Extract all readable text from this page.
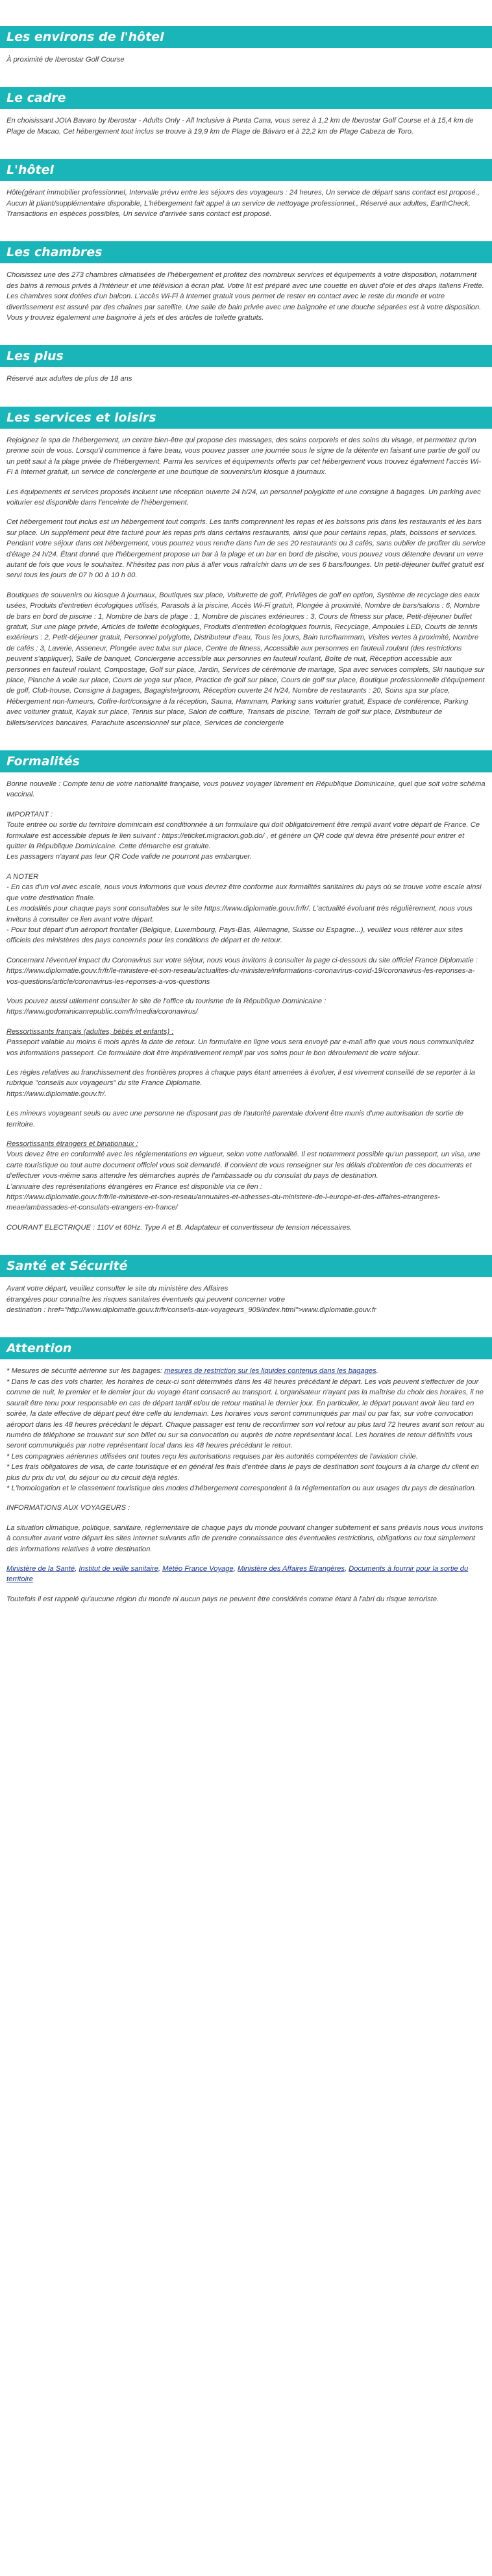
Les environs de l'hôtel

À proximité de Iberostar Golf Course

Le cadre

En choisissant JOIA Bavaro by Iberostar - Adults Only - All Inclusive à Punta Cana, vous serez à 1,2 km de Iberostar Golf Course et à 15,4 km de Plage de Macao. Cet hébergement tout inclus se trouve à 19,9 km de Plage de Bávaro et à 22,2 km de Plage Cabeza de Toro.

L'hôtel

Hôte(gérant immobilier professionnel, Intervalle prévu entre les séjours des voyageurs : 24 heures, Un service de départ sans contact est proposé., Aucun lit pliant/supplémentaire disponible, L'hébergement fait appel à un service de nettoyage professionnel., Réservé aux adultes, EarthCheck, Transactions en espèces possibles, Un service d'arrivée sans contact est proposé.

Les chambres

Choisissez une des 273 chambres climatisées de l'hébergement et profitez des nombreux services et équipements à votre disposition, notamment des bains à remous privés à l'intérieur et une télévision à écran plat. Votre lit est préparé avec une couette en duvet d'oie et des draps italiens Frette. Les chambres sont dotées d'un balcon. L'accès Wi-Fi à Internet gratuit vous permet de rester en contact avec le reste du monde et votre divertissement est assuré par des chaînes par satellite. Une salle de bain privée avec une baignoire et une douche séparées est à votre disposition. Vous y trouvez également une baignoire à jets et des articles de toilette gratuits.

Les plus

Réservé aux adultes de plus de 18 ans

Les services et loisirs

Rejoignez le spa de l'hébergement, un centre bien-être qui propose des massages, des soins corporels et des soins du visage, et permettez qu'on prenne soin de vous. Lorsqu'il commence à faire beau, vous pouvez passer une journée sous le signe de la détente en faisant une partie de golf ou un petit saut à la plage privée de l'hébergement. Parmi les services et équipements offerts par cet hébergement vous trouvez également l'accès Wi-Fi à Internet gratuit, un service de conciergerie et une boutique de souvenirs/un kiosque à journaux.

Les équipements et services proposés incluent une réception ouverte 24 h/24, un personnel polyglotte et une consigne à bagages. Un parking avec voiturier est disponible dans l'enceinte de l'hébergement.

Cet hébergement tout inclus est un hébergement tout compris. Les tarifs comprennent les repas et les boissons pris dans les restaurants et les bars sur place. Un supplément peut être facturé pour les repas pris dans certains restaurants, ainsi que pour certains repas, plats, boissons et services. Pendant votre séjour dans cet hébergement, vous pourrez vous rendre dans l'un de ses 20 restaurants ou 3 cafés, sans oublier de profiter du service d'étage 24 h/24. Étant donné que l'hébergement propose un bar à la plage et un bar en bord de piscine, vous pouvez vous détendre devant un verre autant de fois que vous le souhaitez. N'hésitez pas non plus à aller vous rafraîchir dans un de ses 6 bars/lounges. Un petit-déjeuner buffet gratuit est servi tous les jours de 07 h 00 à 10 h 00.

Boutiques de souvenirs ou kiosque à journaux, Boutiques sur place, Voiturette de golf, Privilèges de golf en option, Système de recyclage des eaux usées, Produits d'entretien écologiques utilisés, Parasols à la piscine, Accès Wi-Fi gratuit, Plongée à proximité, Nombre de bars/salons : 6, Nombre de bars en bord de piscine : 1, Nombre de bars de plage : 1, Nombre de piscines extérieures : 3, Cours de fitness sur place, Petit-déjeuner buffet gratuit, Sur une plage privée, Articles de toilette écologiques, Produits d'entretien écologiques fournis, Recyclage, Ampoules LED, Courts de tennis extérieurs : 2, Petit-déjeuner gratuit, Personnel polyglotte, Distributeur d'eau, Tous les jours, Bain turc/hammam, Visites vertes à proximité, Nombre de cafés : 3, Laverie, Asseneur, Plongée avec tuba sur place, Centre de fitness, Accessible aux personnes en fauteuil roulant (des restrictions peuvent s'appliquer), Salle de banquet, Conciergerie accessible aux personnes en fauteuil roulant, Boîte de nuit, Réception accessible aux personnes en fauteuil roulant, Compostage, Golf sur place, Jardin, Services de cérémonie de mariage, Spa avec services complets, Ski nautique sur place, Planche à voile sur place, Cours de yoga sur place, Practice de golf sur place, Cours de golf sur place, Boutique professionnelle d'équipement de golf, Club-house, Consigne à bagages, Bagagiste/groom, Réception ouverte 24 h/24, Nombre de restaurants : 20, Soins spa sur place, Hébergement non-fumeurs, Coffre-fort/consigne à la réception, Sauna, Hammam, Parking sans voiturier gratuit, Espace de conférence, Parking avec voiturier gratuit, Kayak sur place, Tennis sur place, Salon de coiffure, Transats de piscine, Terrain de golf sur place, Distributeur de billets/services bancaires, Parachute ascensionnel sur place, Services de conciergerie

Formalités

Bonne nouvelle : Compte tenu de votre nationalité française, vous pouvez voyager librement en République Dominicaine, quel que soit votre schéma vaccinal.

IMPORTANT :
Toute entrée ou sortie du territoire dominicain est conditionnée à un formulaire qui doit obligatoirement être rempli avant votre départ de France. Ce formulaire est accessible depuis le lien suivant : https://eticket.migracion.gob.do/ , et génère un QR code qui devra être présenté pour entrer et quitter la République Dominicaine. Cette démarche est gratuite.
Les passagers n'ayant pas leur QR Code valide ne pourront pas embarquer.

A NOTER
- En cas d'un vol avec escale, nous vous informons que vous devrez être conforme aux formalités sanitaires du pays où se trouve votre escale ainsi que votre destination finale.
Les modalités pour chaque pays sont consultables sur le site https://www.diplomatie.gouv.fr/fr/. L'actualité évoluant très régulièrement, nous vous invitons à consulter ce lien avant votre départ.
- Pour tout départ d'un aéroport frontalier (Belgique, Luxembourg, Pays-Bas, Allemagne, Suisse ou Espagne...), veuillez vous référer aux sites officiels des ministères des pays concernés pour les conditions de départ et de retour.

Concernant l'éventuel impact du Coronavirus sur votre séjour, nous vous invitons à consulter la page ci-dessous du site officiel France Diplomatie :
https://www.diplomatie.gouv.fr/fr/le-ministere-et-son-reseau/actualites-du-ministere/informations-coronavirus-covid-19/coronavirus-les-reponses-a-vos-questions/article/coronavirus-les-reponses-a-vos-questions

Vous pouvez aussi utilement consulter le site de l'office du tourisme de la République Dominicaine :
https://www.godominicanrepublic.com/fr/media/coronavirus/

Ressortissants français (adultes, bébés et enfants) :

Passeport valable au moins 6 mois après la date de retour. Un formulaire en ligne vous sera envoyé par e-mail afin que vous nous communiquiez vos informations passeport. Ce formulaire doit être impérativement rempli par vos soins pour le bon déroulement de votre séjour.

Les règles relatives au franchissement des frontières propres à chaque pays étant amenées à évoluer, il est vivement conseillé de se reporter à la rubrique "conseils aux voyageurs" du site France Diplomatie.
https://www.diplomatie.gouv.fr/.

Les mineurs voyageant seuls ou avec une personne ne disposant pas de l'autorité parentale doivent être munis d'une autorisation de sortie de territoire.

Ressortissants étrangers et binationaux :

Vous devez être en conformité avec les réglementations en vigueur, selon votre nationalité. Il est notamment possible qu'un passeport, un visa, une carte touristique ou tout autre document officiel vous soit demandé. Il convient de vous renseigner sur les délais d'obtention de ces documents et d'effectuer vous-même sans attendre les démarches auprès de l'ambassade ou du consulat du pays de destination.
L'annuaire des représentations étrangères en France est disponible via ce lien :
https://www.diplomatie.gouv.fr/fr/le-ministere-et-son-reseau/annuaires-et-adresses-du-ministere-de-l-europe-et-des-affaires-etrangeres-meae/ambassades-et-consulats-etrangers-en-france/

COURANT ELECTRIQUE : 110V et 60Hz. Type A et B. Adaptateur et convertisseur de tension nécessaires.

Santé et Sécurité

Avant votre départ, veuillez consulter le site du ministère des Affaires
étrangères pour connaître les risques sanitaires éventuels qui peuvent concerner votre
destination : href="http://www.diplomatie.gouv.fr/fr/conseils-aux-voyageurs_909/index.html">www.diplomatie.gouv.fr

Attention

* Mesures de sécurité aérienne sur les bagages: mesures de restriction sur les liquides contenus dans les bagages.
* Dans le cas des vols charter, les horaires de ceux-ci sont déterminés dans les 48 heures précédant le départ. Les vols peuvent s'effectuer de jour comme de nuit, le premier et le dernier jour du voyage étant consacré au transport. L'organisateur n'ayant pas la maîtrise du choix des horaires, il ne saurait être tenu pour responsable en cas de départ tardif et/ou de retour matinal le dernier jour. En particulier, le départ pouvant avoir lieu tard en soirée, la date effective de départ peut être celle du lendemain. Les horaires vous seront communiqués par mail ou par fax, sur votre convocation aéroport dans les 48 heures précédant le départ. Chaque passager est tenu de reconfirmer son vol retour au plus tard 72 heures avant son retour au numéro de téléphone se trouvant sur son billet ou sur sa convocation ou auprès de notre représentant local. Les horaires de retour définitifs vous seront communiqués par notre représentant local dans les 48 heures précédant le retour.
* Les compagnies aériennes utilisées ont toutes reçu les autorisations requises par les autorités compétentes de l'aviation civile.
* Les frais obligatoires de visa, de carte touristique et en général les frais d'entrée dans le pays de destination sont toujours à la charge du client en plus du prix du vol, du séjour ou du circuit déjà réglés.
* L'homologation et le classement touristique des modes d'hébergement correspondent à la réglementation ou aux usages du pays de destination.

INFORMATIONS AUX VOYAGEURS :

La situation climatique, politique, sanitaire, réglementaire de chaque pays du monde pouvant changer subitement et sans préavis nous vous invitons à consulter avant votre départ les sites Internet suivants afin de prendre connaissance des éventuelles restrictions, obligations ou tout simplement des informations relatives à votre destination.

Ministère de la Santé, Institut de veille sanitaire, Météo France Voyage, Ministère des Affaires Etrangères, Documents à fournir pour la sortie du territoire

Toutefois il est rappelé qu'aucune région du monde ni aucun pays ne peuvent être considérés comme étant à l'abri du risque terroriste.
